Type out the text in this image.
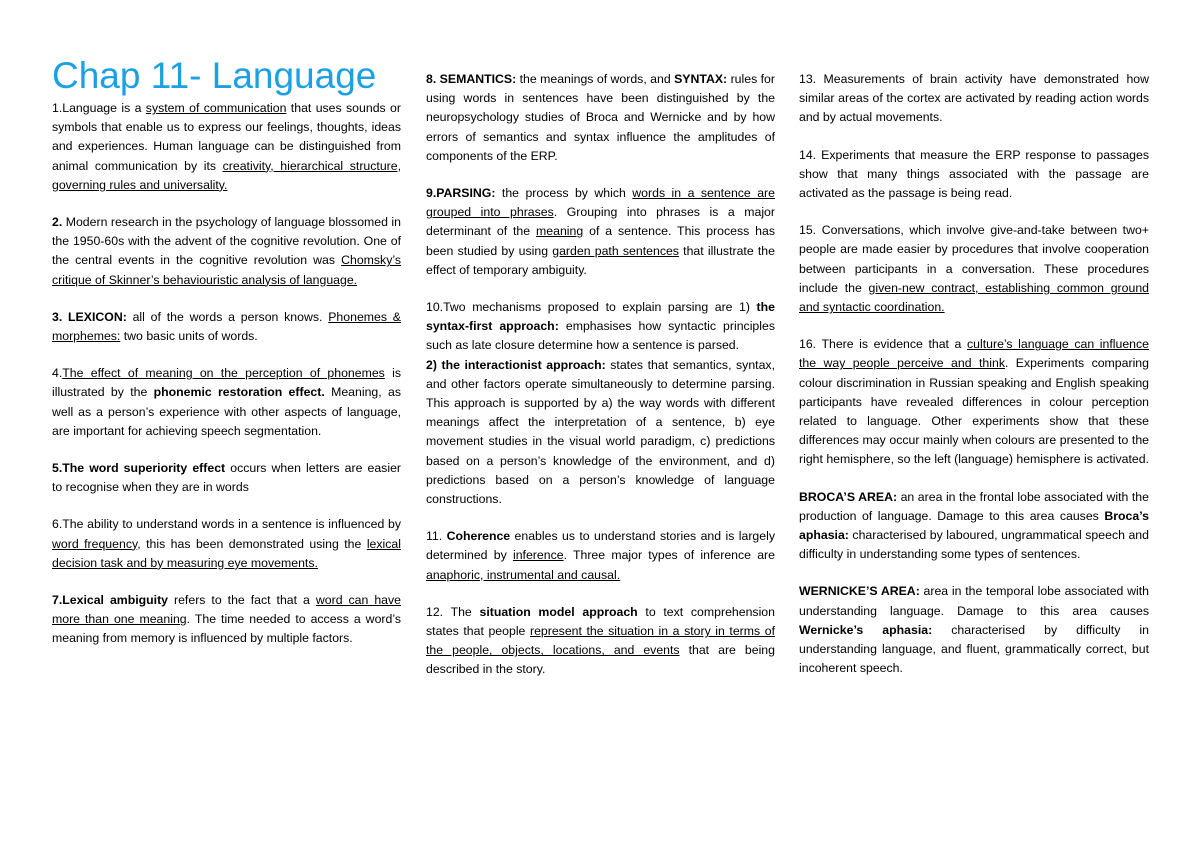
Chap 11- Language

1.Language is a system of communication that uses sounds or symbols that enable us to express our feelings, thoughts, ideas and experiences. Human language can be distinguished from animal communication by its creativity, hierarchical structure, governing rules and universality.

2. Modern research in the psychology of language blossomed in the 1950-60s with the advent of the cognitive revolution. One of the central events in the cognitive revolution was Chomsky’s critique of Skinner’s behaviouristic analysis of language.

3. LEXICON: all of the words a person knows. Phonemes & morphemes: two basic units of words.

4.The effect of meaning on the perception of phonemes is illustrated by the phonemic restoration effect. Meaning, as well as a person’s experience with other aspects of language, are important for achieving speech segmentation.

5.The word superiority effect occurs when letters are easier to recognise when they are in words

6.The ability to understand words in a sentence is influenced by word frequency, this has been demonstrated using the lexical decision task and by measuring eye movements.

7.Lexical ambiguity refers to the fact that a word can have more than one meaning. The time needed to access a word’s meaning from memory is influenced by multiple factors.

8. SEMANTICS: the meanings of words, and SYNTAX: rules for using words in sentences have been distinguished by the neuropsychology studies of Broca and Wernicke and by how errors of semantics and syntax influence the amplitudes of components of the ERP.

9.PARSING: the process by which words in a sentence are grouped into phrases. Grouping into phrases is a major determinant of the meaning of a sentence. This process has been studied by using garden path sentences that illustrate the effect of temporary ambiguity.

10.Two mechanisms proposed to explain parsing are 1) the syntax-first approach: emphasises how syntactic principles such as late closure determine how a sentence is parsed.

2) the interactionist approach: states that semantics, syntax, and other factors operate simultaneously to determine parsing. This approach is supported by a) the way words with different meanings affect the interpretation of a sentence, b) eye movement studies in the visual world paradigm, c) predictions based on a person’s knowledge of the environment, and d) predictions based on a person’s knowledge of language constructions.

11. Coherence enables us to understand stories and is largely determined by inference. Three major types of inference are anaphoric, instrumental and causal.

12. The situation model approach to text comprehension states that people represent the situation in a story in terms of the people, objects, locations, and events that are being described in the story.

13. Measurements of brain activity have demonstrated how similar areas of the cortex are activated by reading action words and by actual movements.

14. Experiments that measure the ERP response to passages show that many things associated with the passage are activated as the passage is being read.

15. Conversations, which involve give-and-take between two+ people are made easier by procedures that involve cooperation between participants in a conversation. These procedures include the given-new contract, establishing common ground and syntactic coordination.

16. There is evidence that a culture’s language can influence the way people perceive and think. Experiments comparing colour discrimination in Russian speaking and English speaking participants have revealed differences in colour perception related to language. Other experiments show that these differences may occur mainly when colours are presented to the right hemisphere, so the left (language) hemisphere is activated.

BROCA’S AREA: an area in the frontal lobe associated with the production of language. Damage to this area causes Broca’s aphasia: characterised by laboured, ungrammatical speech and difficulty in understanding some types of sentences.

WERNICKE’S AREA: area in the temporal lobe associated with understanding language. Damage to this area causes Wernicke’s aphasia: characterised by difficulty in understanding language, and fluent, grammatically correct, but incoherent speech.
